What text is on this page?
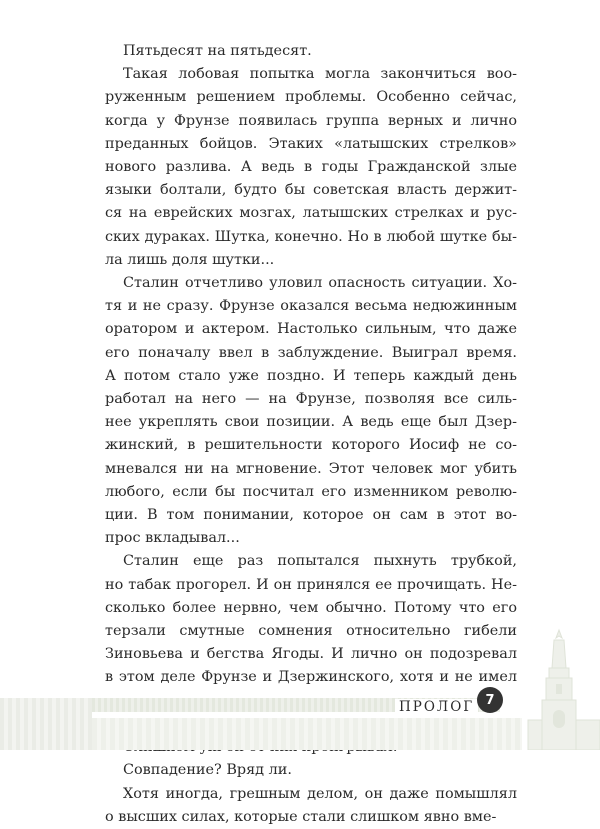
Пятьдесят на пятьдесят.

Такая лобовая попытка могла закончиться воо-
руженным решением проблемы. Особенно сейчас,
когда у Фрунзе появилась группа верных и лично
преданных бойцов. Этаких «латышских стрелков»
нового разлива. А ведь в годы Гражданской злые
языки болтали, будто бы советская власть держит-
ся на еврейских мозгах, латышских стрелках и рус-
ских дураках. Шутка, конечно. Но в любой шутке бы-
ла лишь доля шутки...

Сталин отчетливо уловил опасность ситуации. Хо-
тя и не сразу. Фрунзе оказался весьма недюжинным
оратором и актером. Настолько сильным, что даже
его поначалу ввел в заблуждение. Выиграл время.
А потом стало уже поздно. И теперь каждый день
работал на него — на Фрунзе, позволяя все силь-
нее укреплять свои позиции. А ведь еще был Дзер-
жинский, в решительности которого Иосиф не со-
мневался ни на мгновение. Этот человек мог убить
любого, если бы посчитал его изменником револю-
ции. В том понимании, которое он сам в этот во-
прос вкладывал...

Сталин еще раз попытался пыхнуть трубкой,
но табак прогорел. И он принялся ее прочищать. Не-
сколько более нервно, чем обычно. Потому что его
терзали смутные сомнения относительно гибели
Зиновьева и бегства Ягоды. И лично он подозревал
в этом деле Фрунзе и Дзержинского, хотя и не имел

Совпадение? Вряд ли.

Хотя иногда, грешным делом, он даже помышлял
о высших силах, которые стали слишком явно вме-

ПРОЛОГ 7
